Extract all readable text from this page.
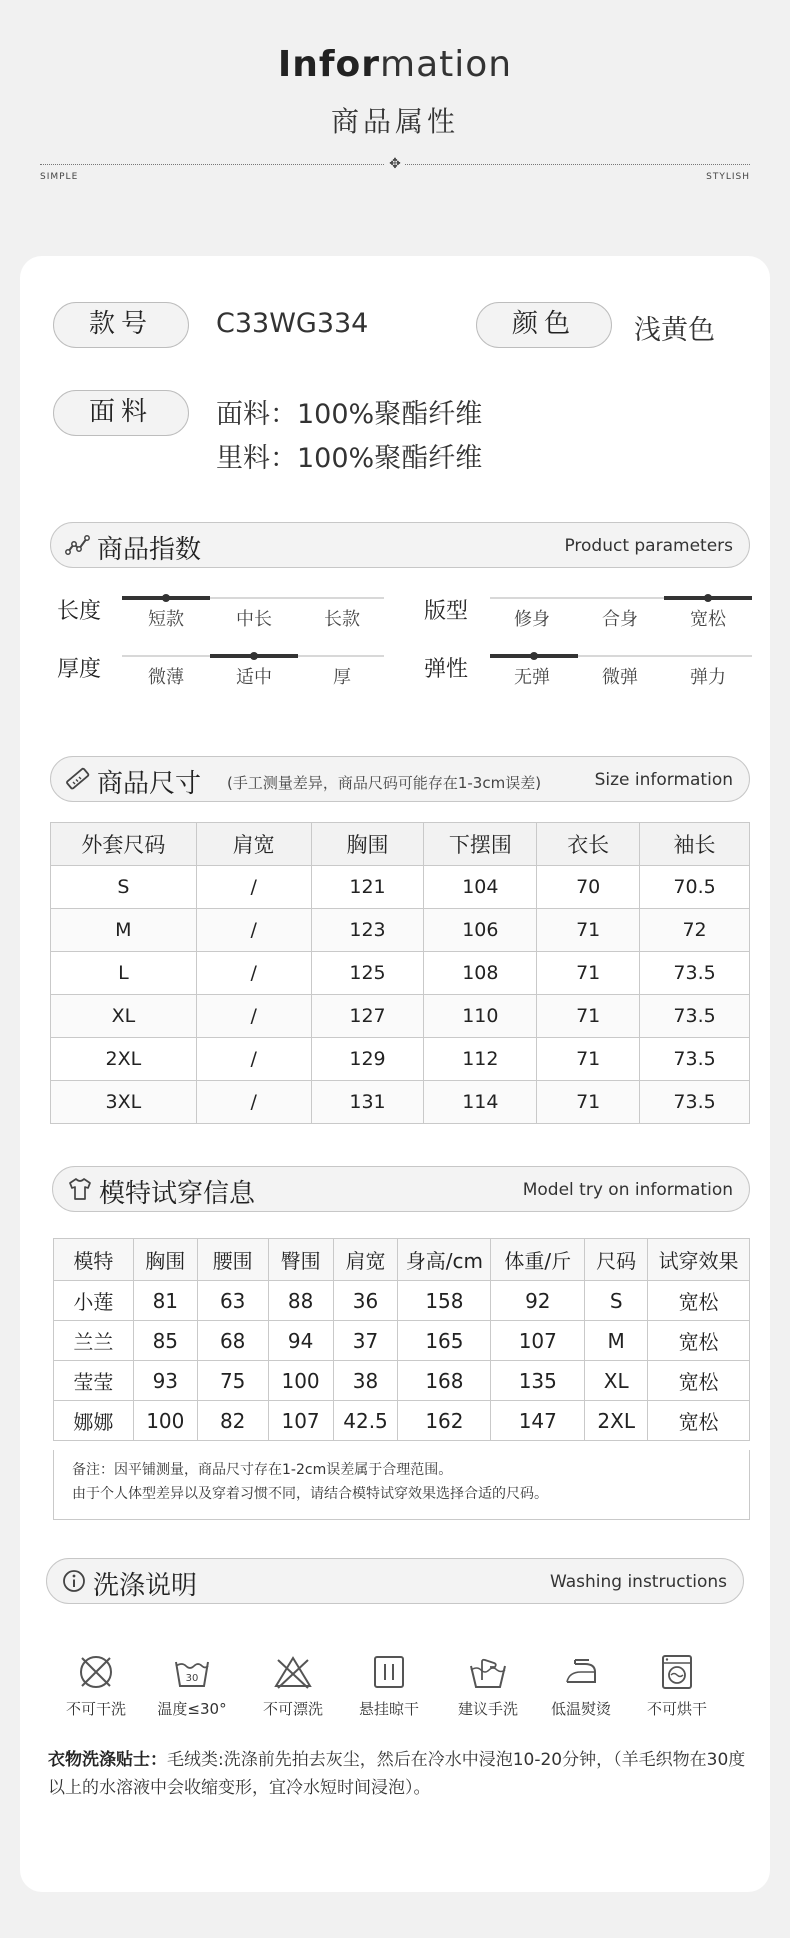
Information
商品属性
✥
SIMPLE	STYLISH
款号	C33WG334	颜色	浅黄色
面料	面料：100%聚酯纤维
里料：100%聚酯纤维
商品指数	Product parameters
长度	短款	中长	长款	版型	修身	合身	宽松
厚度	微薄	适中	厚	弹性	无弹	微弹	弹力
商品尺寸 (手工测量差异，商品尺码可能存在1-3cm误差)	Size information
外套尺码	肩宽	胸围	下摆围	衣长	袖长
S	/	121	104	70	70.5
M	/	123	106	71	72
L	/	125	108	71	73.5
XL	/	127	110	71	73.5
2XL	/	129	112	71	73.5
3XL	/	131	114	71	73.5
模特试穿信息	Model try on information
模特	胸围	腰围	臀围	肩宽	身高/cm	体重/斤	尺码	试穿效果
小莲	81	63	88	36	158	92	S	宽松
兰兰	85	68	94	37	165	107	M	宽松
莹莹	93	75	100	38	168	135	XL	宽松
娜娜	100	82	107	42.5	162	147	2XL	宽松
备注：因平铺测量，商品尺寸存在1-2cm误差属于合理范围。
由于个人体型差异以及穿着习惯不同，请结合模特试穿效果选择合适的尺码。
洗涤说明	Washing instructions
不可干洗
30
温度≤30°	不可漂洗	悬挂晾干	建议手洗	低温熨烫	不可烘干
衣物洗涤贴士：毛绒类:洗涤前先拍去灰尘，然后在冷水中浸泡10-20分钟，（羊毛织物在30度以上的水溶液中会收缩变形，宜冷水短时间浸泡）。
